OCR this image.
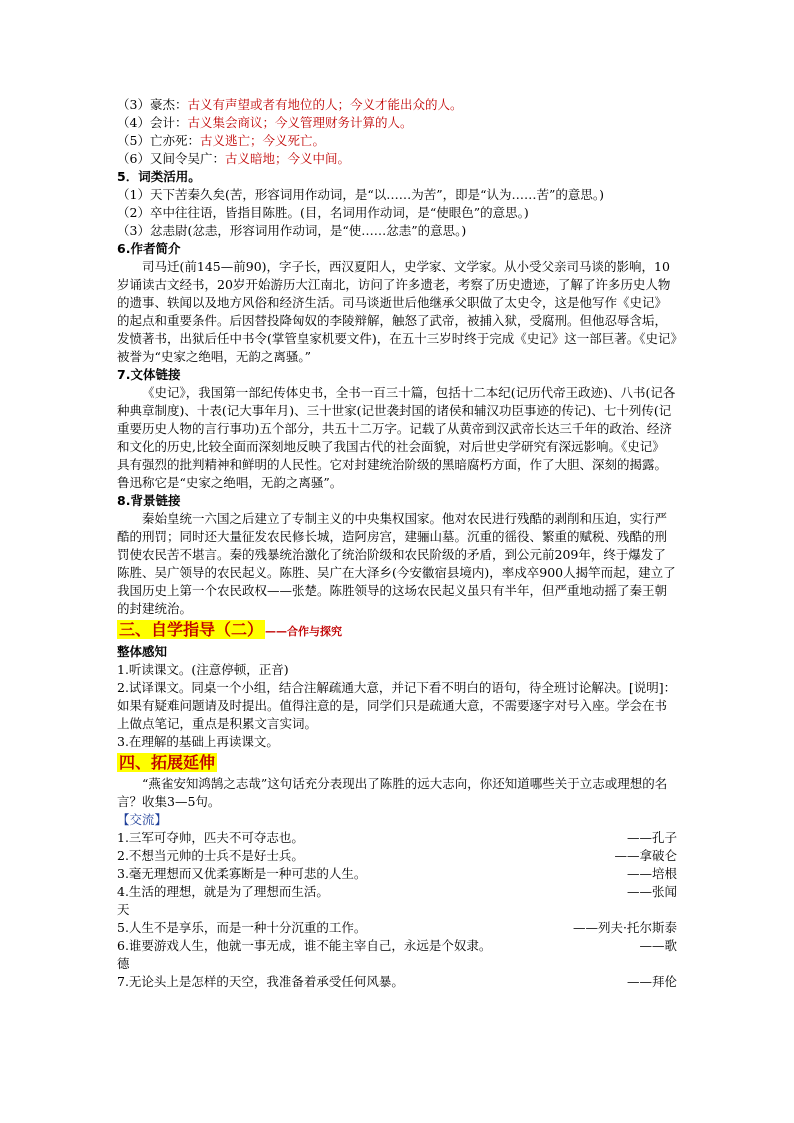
（3）豪杰：古义有声望或者有地位的人；今义才能出众的人。
（4）会计：古义集会商议；今义管理财务计算的人。
（5）亡亦死：古义逃亡；今义死亡。
（6）又间令吴广：古义暗地；今义中间。
5．词类活用。
（1）天下苦秦久矣(苦，形容词用作动词，是“以……为苦”，即是“认为……苦”的意思。)
（2）卒中往往语，皆指目陈胜。(目，名词用作动词，是“使眼色”的意思。)
（3）忿恚尉(忿恚，形容词用作动词，是“使……忿恚”的意思。)
6.作者简介
司马迁(前145—前90)，字子长，西汉夏阳人，史学家、文学家。从小受父亲司马谈的影响，10岁诵读古文经书，20岁开始游历大江南北，访问了许多遗老，考察了历史遗迹，了解了许多历史人物的遗事、轶闻以及地方风俗和经济生活。司马谈逝世后他继承父职做了太史令，这是他写作《史记》的起点和重要条件。后因替投降匈奴的李陵辩解，触怒了武帝，被捕入狱，受腐刑。但他忍辱含垢，发愤著书，出狱后任中书令(掌管皇家机要文件)，在五十三岁时终于完成《史记》这一部巨著。《史记》被誉为“史家之绝唱，无韵之离骚。”
7.文体链接
《史记》，我国第一部纪传体史书，全书一百三十篇，包括十二本纪(记历代帝王政迹)、八书(记各种典章制度)、十表(记大事年月)、三十世家(记世袭封国的诸侯和辅汉功臣事迹的传记)、七十列传(记重要历史人物的言行事功)五个部分，共五十二万字。记载了从黄帝到汉武帝长达三千年的政治、经济和文化的历史,比较全面而深刻地反映了我国古代的社会面貌，对后世史学研究有深远影响。《史记》具有强烈的批判精神和鲜明的人民性。它对封建统治阶级的黑暗腐朽方面，作了大胆、深刻的揭露。鲁迅称它是“史家之绝唱，无韵之离骚”。
8.背景链接
秦始皇统一六国之后建立了专制主义的中央集权国家。他对农民进行残酷的剥削和压迫，实行严酷的刑罚；同时还大量征发农民修长城，造阿房宫，建骊山墓。沉重的徭役、繁重的赋税、残酷的刑罚使农民苦不堪言。秦的残暴统治激化了统治阶级和农民阶级的矛盾，到公元前209年，终于爆发了陈胜、吴广领导的农民起义。陈胜、吴广在大泽乡(今安徽宿县境内)，率戍卒900人揭竿而起，建立了我国历史上第一个农民政权——张楚。陈胜领导的这场农民起义虽只有半年，但严重地动摇了秦王朝的封建统治。
三、自学指导（二） ——合作与探究
整体感知
1.听读课文。(注意停顿，正音)
2.试译课文。同桌一个小组，结合注解疏通大意，并记下看不明白的语句，待全班讨论解决。[说明]：如果有疑难问题请及时提出。值得注意的是，同学们只是疏通大意，不需要逐字对号入座。学会在书上做点笔记，重点是积累文言实词。
3.在理解的基础上再读课文。
四、拓展延伸
“燕雀安知鸿鹄之志哉”这句话充分表现出了陈胜的远大志向，你还知道哪些关于立志或理想的名言？收集3—5句。
【交流】
1.三军可夺帅，匹夫不可夺志也。	——孔子
2.不想当元帅的士兵不是好士兵。	——拿破仑
3.毫无理想而又优柔寡断是一种可悲的人生。	——培根
4.生活的理想，就是为了理想而生活。	——张闻
天
5.人生不是享乐，而是一种十分沉重的工作。	——列夫·托尔斯泰
6.谁要游戏人生，他就一事无成，谁不能主宰自己，永远是个奴隶。	——歌
德
7.无论头上是怎样的天空，我准备着承受任何风暴。	——拜伦
